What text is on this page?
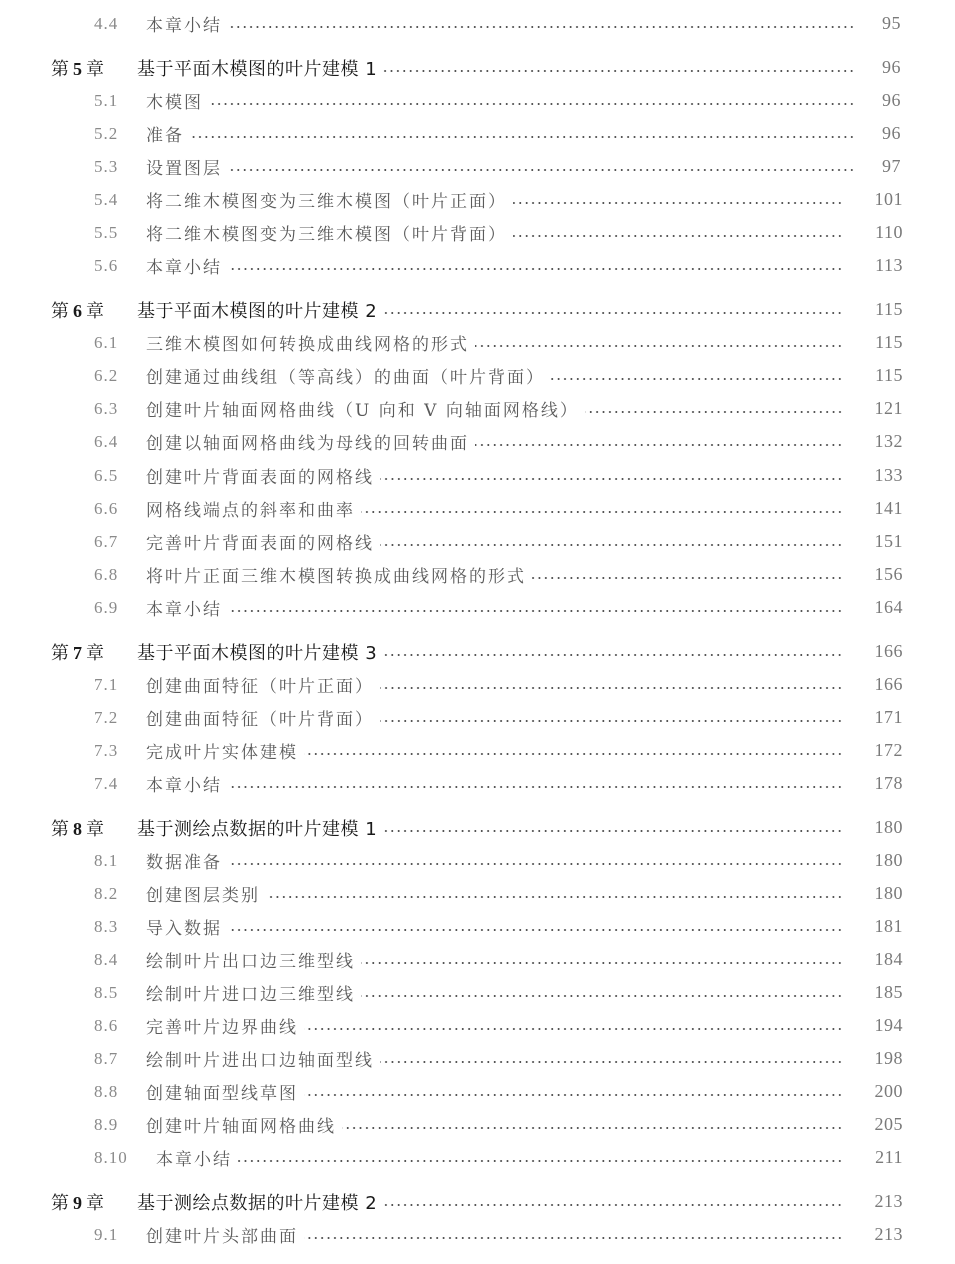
4.4	本章小结	95
第 5 章	基于平面木模图的叶片建模 1	96
5.1	木模图	96
5.2	准备	96
5.3	设置图层	97
5.4	将二维木模图变为三维木模图（叶片正面）	101
5.5	将二维木模图变为三维木模图（叶片背面）	110
5.6	本章小结	113
第 6 章	基于平面木模图的叶片建模 2	115
6.1	三维木模图如何转换成曲线网格的形式	115
6.2	创建通过曲线组（等高线）的曲面（叶片背面）	115
6.3	创建叶片轴面网格曲线（U 向和 V 向轴面网格线）	121
6.4	创建以轴面网格曲线为母线的回转曲面	132
6.5	创建叶片背面表面的网格线	133
6.6	网格线端点的斜率和曲率	141
6.7	完善叶片背面表面的网格线	151
6.8	将叶片正面三维木模图转换成曲线网格的形式	156
6.9	本章小结	164
第 7 章	基于平面木模图的叶片建模 3	166
7.1	创建曲面特征（叶片正面）	166
7.2	创建曲面特征（叶片背面）	171
7.3	完成叶片实体建模	172
7.4	本章小结	178
第 8 章	基于测绘点数据的叶片建模 1	180
8.1	数据准备	180
8.2	创建图层类别	180
8.3	导入数据	181
8.4	绘制叶片出口边三维型线	184
8.5	绘制叶片进口边三维型线	185
8.6	完善叶片边界曲线	194
8.7	绘制叶片进出口边轴面型线	198
8.8	创建轴面型线草图	200
8.9	创建叶片轴面网格曲线	205
8.10	本章小结	211
第 9 章	基于测绘点数据的叶片建模 2	213
9.1	创建叶片头部曲面	213
